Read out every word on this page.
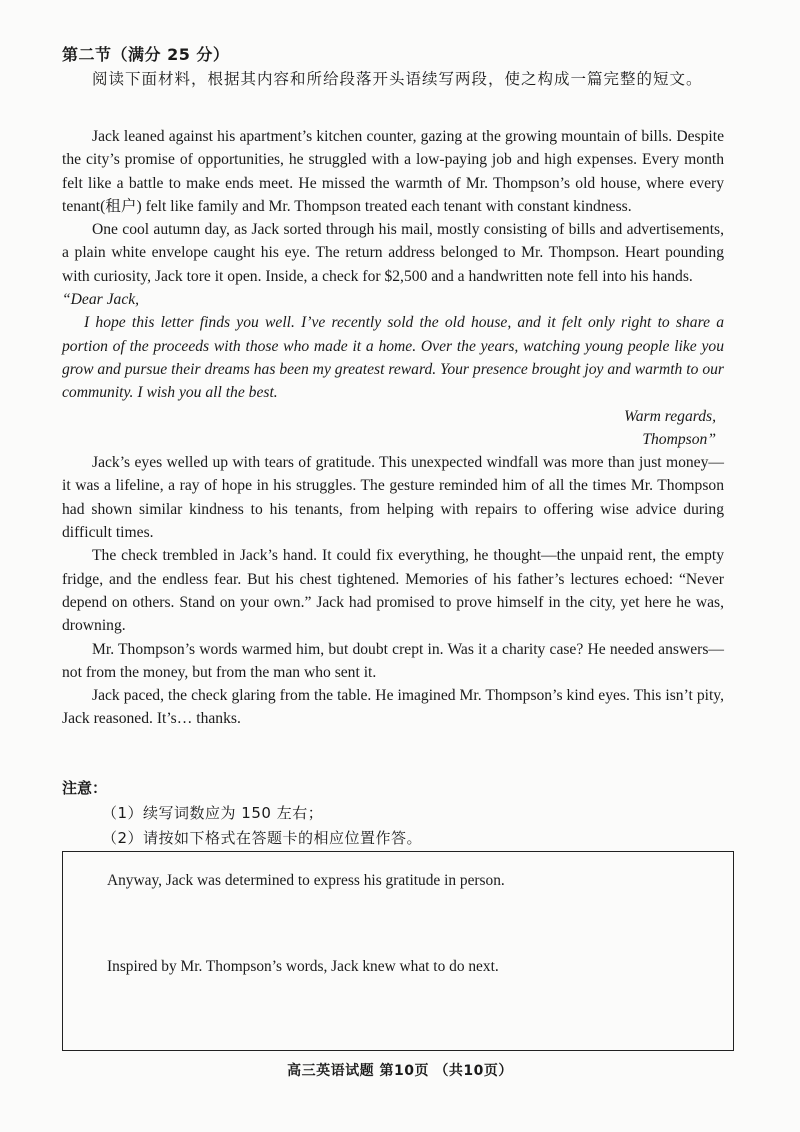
第二节（满分 25 分）
阅读下面材料，根据其内容和所给段落开头语续写两段，使之构成一篇完整的短文。

Jack leaned against his apartment’s kitchen counter, gazing at the growing mountain of bills. Despite the city’s promise of opportunities, he struggled with a low-paying job and high expenses. Every month felt like a battle to make ends meet. He missed the warmth of Mr. Thompson’s old house, where every tenant(租户) felt like family and Mr. Thompson treated each tenant with constant kindness.

One cool autumn day, as Jack sorted through his mail, mostly consisting of bills and advertisements, a plain white envelope caught his eye. The return address belonged to Mr. Thompson. Heart pounding with curiosity, Jack tore it open. Inside, a check for $2,500 and a handwritten note fell into his hands.

“Dear Jack,

I hope this letter finds you well. I’ve recently sold the old house, and it felt only right to share a portion of the proceeds with those who made it a home. Over the years, watching young people like you grow and pursue their dreams has been my greatest reward. Your presence brought joy and warmth to our community. I wish you all the best.

Warm regards,

Thompson”

Jack’s eyes welled up with tears of gratitude. This unexpected windfall was more than just money—it was a lifeline, a ray of hope in his struggles. The gesture reminded him of all the times Mr. Thompson had shown similar kindness to his tenants, from helping with repairs to offering wise advice during difficult times.

The check trembled in Jack’s hand. It could fix everything, he thought—the unpaid rent, the empty fridge, and the endless fear. But his chest tightened. Memories of his father’s lectures echoed: “Never depend on others. Stand on your own.” Jack had promised to prove himself in the city, yet here he was, drowning.

Mr. Thompson’s words warmed him, but doubt crept in. Was it a charity case? He needed answers—not from the money, but from the man who sent it.

Jack paced, the check glaring from the table. He imagined Mr. Thompson’s kind eyes. This isn’t pity, Jack reasoned. It’s… thanks.

注意：
（1）续写词数应为 150 左右；
（2）请按如下格式在答题卡的相应位置作答。
Anyway, Jack was determined to express his gratitude in person.
Inspired by Mr. Thompson’s words, Jack knew what to do next.
高三英语试题 第10页 （共10页）
